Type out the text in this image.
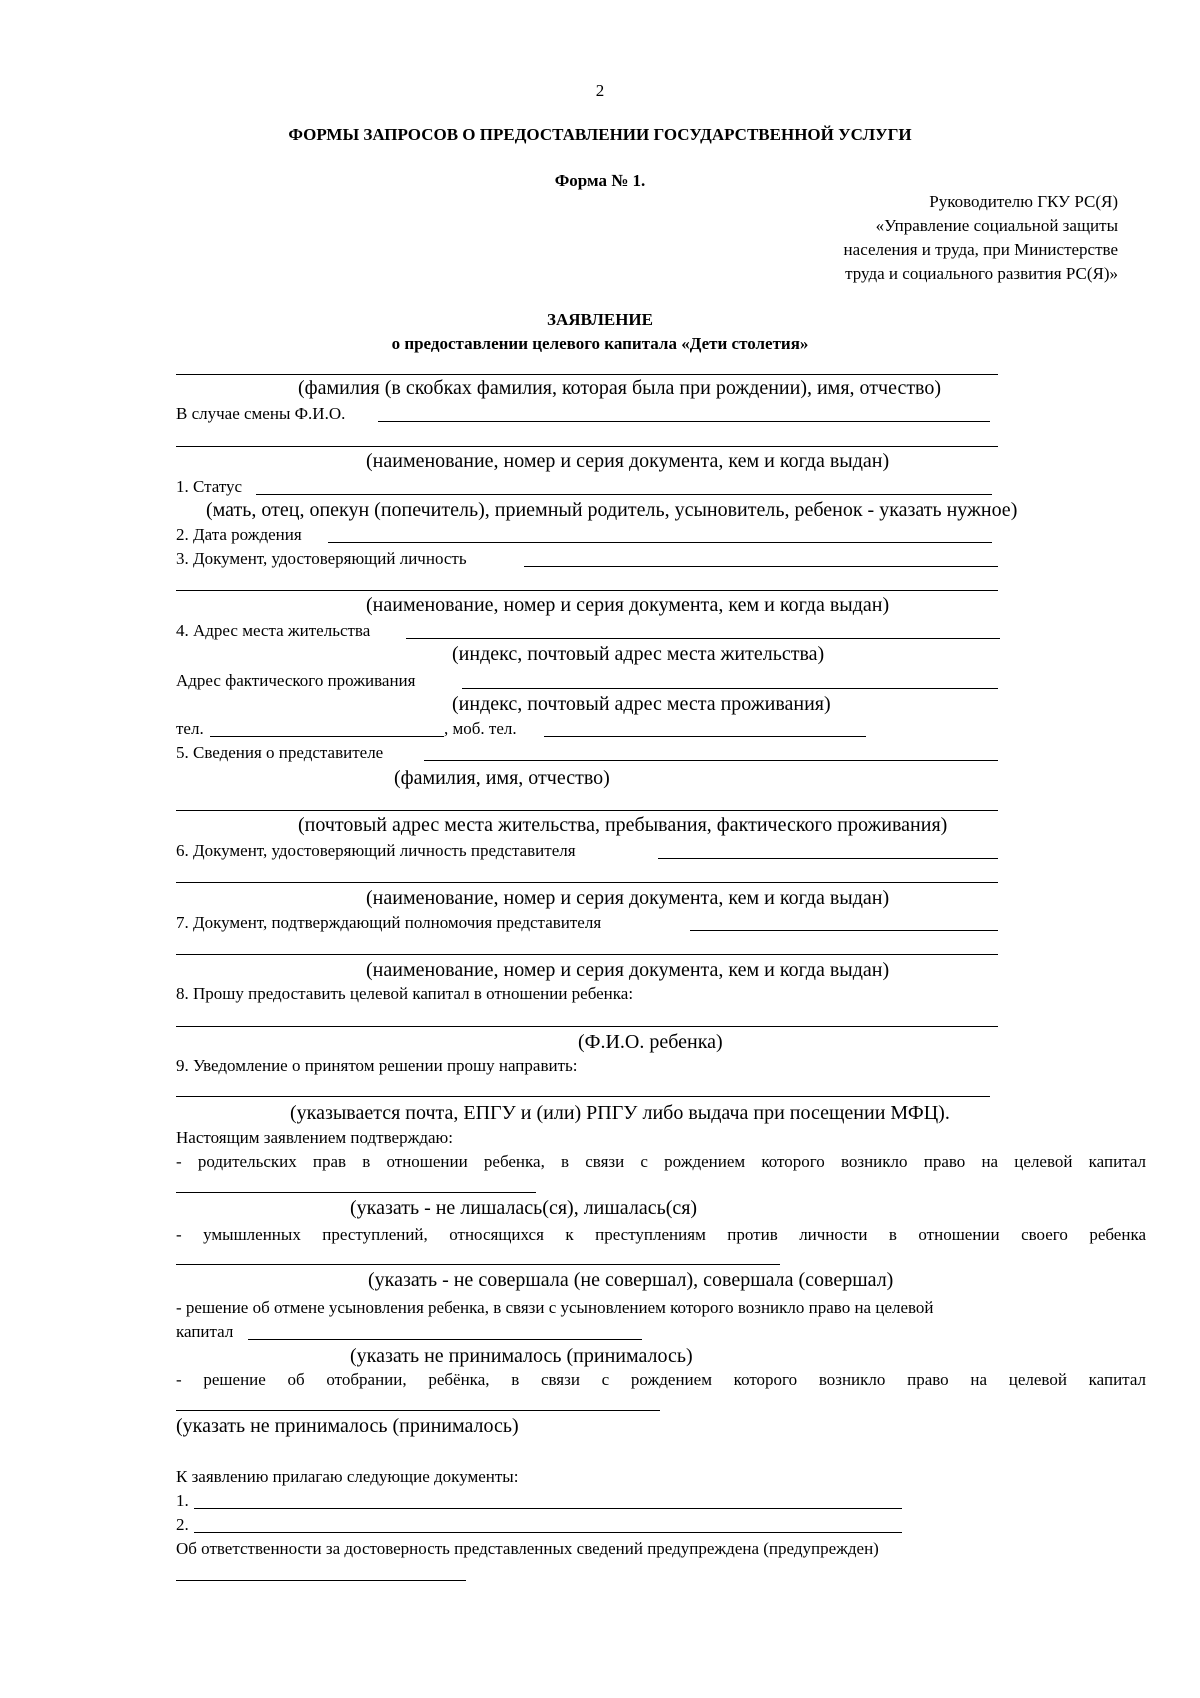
2
ФОРМЫ ЗАПРОСОВ О ПРЕДОСТАВЛЕНИИ ГОСУДАРСТВЕННОЙ УСЛУГИ
Форма № 1.
Руководителю ГКУ РС(Я)
«Управление социальной защиты
населения и труда, при Министерстве
труда и социального развития РС(Я)»
ЗАЯВЛЕНИЕ
о предоставлении целевого капитала «Дети столетия»
(фамилия (в скобках фамилия, которая была при рождении), имя, отчество)
В случае смены Ф.И.О.
(наименование, номер и серия документа, кем и когда выдан)
1. Статус
(мать, отец, опекун (попечитель), приемный родитель, усыновитель, ребенок - указать нужное)
2. Дата рождения
3. Документ, удостоверяющий личность
(наименование, номер и серия документа, кем и когда выдан)
4. Адрес места жительства
(индекс, почтовый адрес места жительства)
Адрес фактического проживания
(индекс, почтовый адрес места проживания)
тел.	, моб. тел.
5. Сведения о представителе
(фамилия, имя, отчество)
(почтовый адрес места жительства, пребывания, фактического проживания)
6. Документ, удостоверяющий личность представителя
(наименование, номер и серия документа, кем и когда выдан)
7. Документ, подтверждающий полномочия представителя
(наименование, номер и серия документа, кем и когда выдан)
8. Прошу предоставить целевой капитал в отношении ребенка:
(Ф.И.О. ребенка)
9. Уведомление о принятом решении прошу направить:
(указывается почта, ЕПГУ и (или) РПГУ либо выдача при посещении МФЦ).
Настоящим заявлением подтверждаю:
- родительских прав в отношении ребенка, в связи с рождением которого возникло право на целевой капитал
(указать - не лишалась(ся), лишалась(ся)
- умышленных преступлений, относящихся к преступлениям против личности в отношении своего ребенка
(указать - не совершала (не совершал), совершала (совершал)
- решение об отмене усыновления ребенка, в связи с усыновлением которого возникло право на целевой
капитал
(указать не принималось (принималось)
- решение об отобрании, ребёнка, в связи с рождением которого возникло право на целевой капитал
(указать не принималось (принималось)
К заявлению прилагаю следующие документы:
1.
2.
Об ответственности за достоверность представленных сведений предупреждена (предупрежден)
